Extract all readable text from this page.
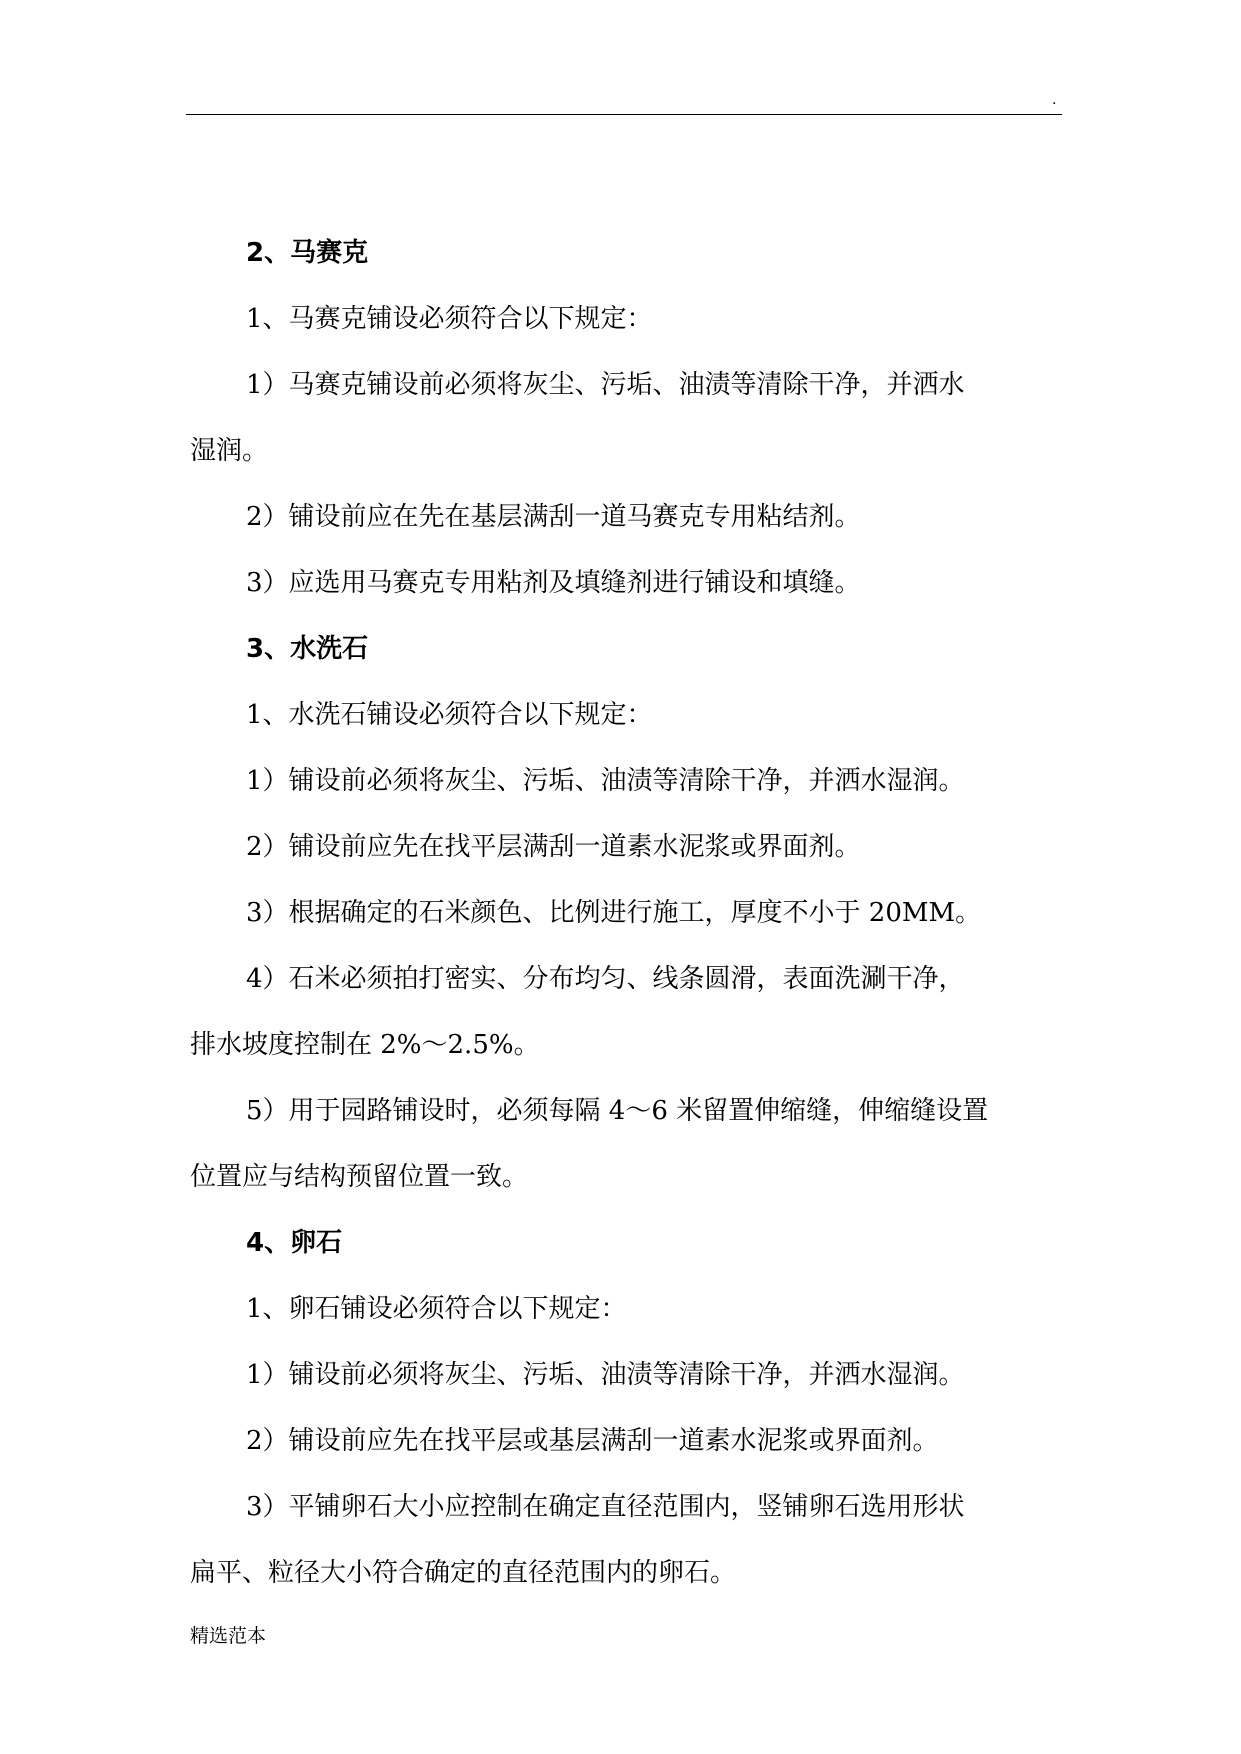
.

2、马赛克

1、马赛克铺设必须符合以下规定：

1）马赛克铺设前必须将灰尘、污垢、油渍等清除干净，并洒水

湿润。

2）铺设前应在先在基层满刮一道马赛克专用粘结剂。

3）应选用马赛克专用粘剂及填缝剂进行铺设和填缝。

3、水洗石

1、水洗石铺设必须符合以下规定：

1）铺设前必须将灰尘、污垢、油渍等清除干净，并洒水湿润。

2）铺设前应先在找平层满刮一道素水泥浆或界面剂。

3）根据确定的石米颜色、比例进行施工，厚度不小于 20MM。

4）石米必须拍打密实、分布均匀、线条圆滑，表面洗涮干净，

排水坡度控制在 2%～2.5%。

5）用于园路铺设时，必须每隔 4～6 米留置伸缩缝，伸缩缝设置

位置应与结构预留位置一致。

4、卵石

1、卵石铺设必须符合以下规定：

1）铺设前必须将灰尘、污垢、油渍等清除干净，并洒水湿润。

2）铺设前应先在找平层或基层满刮一道素水泥浆或界面剂。

3）平铺卵石大小应控制在确定直径范围内，竖铺卵石选用形状

扁平、粒径大小符合确定的直径范围内的卵石。

精选范本
